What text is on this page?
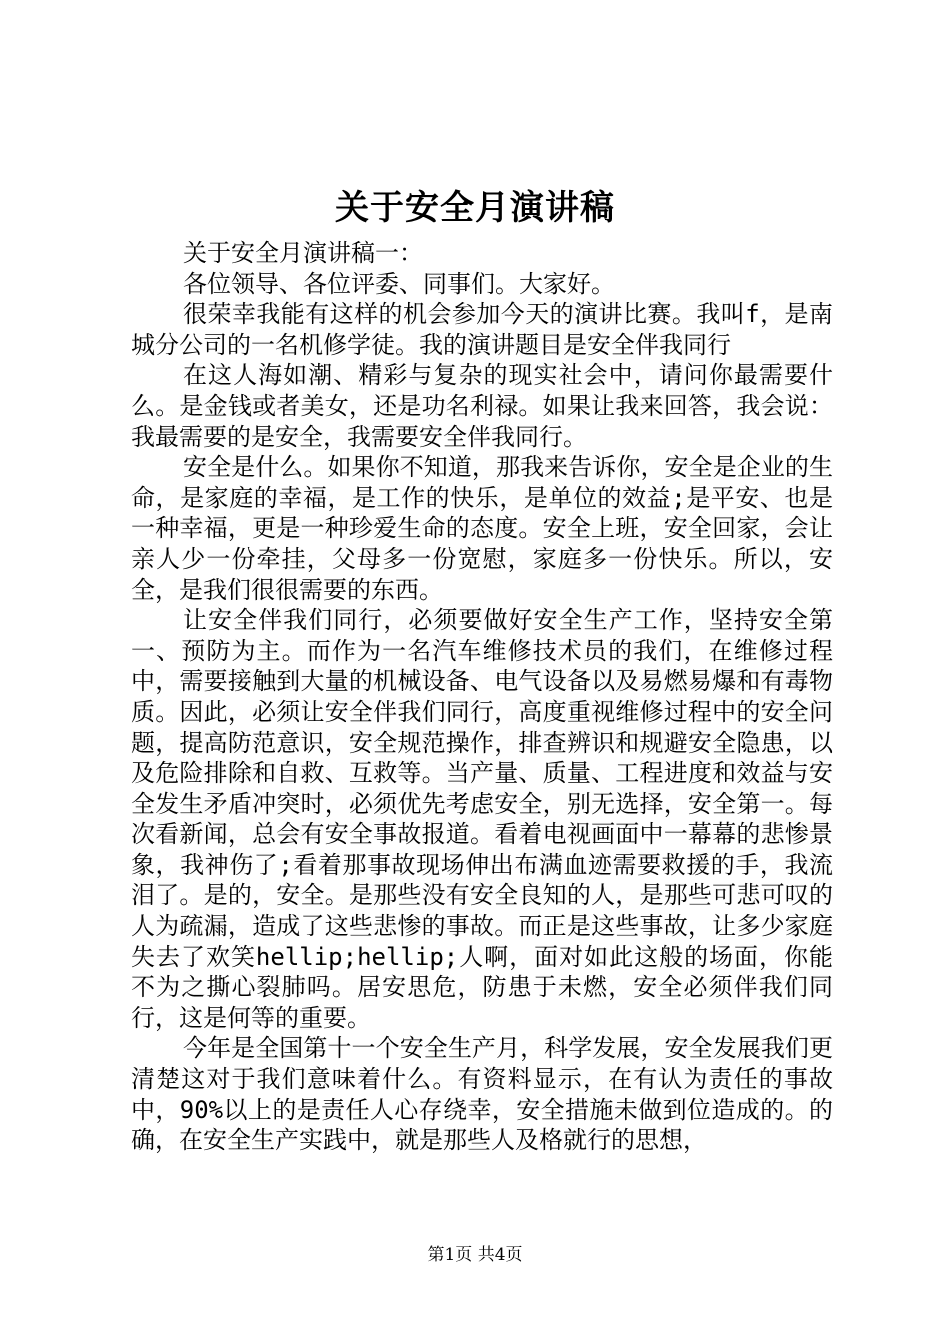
关于安全月演讲稿

关于安全月演讲稿一：

各位领导、各位评委、同事们。大家好。

很荣幸我能有这样的机会参加今天的演讲比赛。我叫f，是南城分公司的一名机修学徒。我的演讲题目是安全伴我同行

在这人海如潮、精彩与复杂的现实社会中，请问你最需要什么。是金钱或者美女，还是功名利禄。如果让我来回答，我会说：我最需要的是安全，我需要安全伴我同行。

安全是什么。如果你不知道，那我来告诉你，安全是企业的生命，是家庭的幸福，是工作的快乐，是单位的效益;是平安、也是一种幸福，更是一种珍爱生命的态度。安全上班，安全回家，会让亲人少一份牵挂，父母多一份宽慰，家庭多一份快乐。所以，安全，是我们很很需要的东西。

让安全伴我们同行，必须要做好安全生产工作，坚持安全第一、预防为主。而作为一名汽车维修技术员的我们，在维修过程中，需要接触到大量的机械设备、电气设备以及易燃易爆和有毒物质。因此，必须让安全伴我们同行，高度重视维修过程中的安全问题，提高防范意识，安全规范操作，排查辨识和规避安全隐患，以及危险排除和自救、互救等。当产量、质量、工程进度和效益与安全发生矛盾冲突时，必须优先考虑安全，别无选择，安全第一。每次看新闻，总会有安全事故报道。看着电视画面中一幕幕的悲惨景象，我神伤了;看着那事故现场伸出布满血迹需要救援的手，我流泪了。是的，安全。是那些没有安全良知的人，是那些可悲可叹的人为疏漏，造成了这些悲惨的事故。而正是这些事故，让多少家庭失去了欢笑hellip;hellip;人啊，面对如此这般的场面，你能不为之撕心裂肺吗。居安思危，防患于未燃，安全必须伴我们同行，这是何等的重要。

今年是全国第十一个安全生产月，科学发展，安全发展我们更清楚这对于我们意味着什么。有资料显示，在有认为责任的事故中，90%以上的是责任人心存绕幸，安全措施未做到位造成的。的确，在安全生产实践中，就是那些人及格就行的思想，

第1页 共4页
